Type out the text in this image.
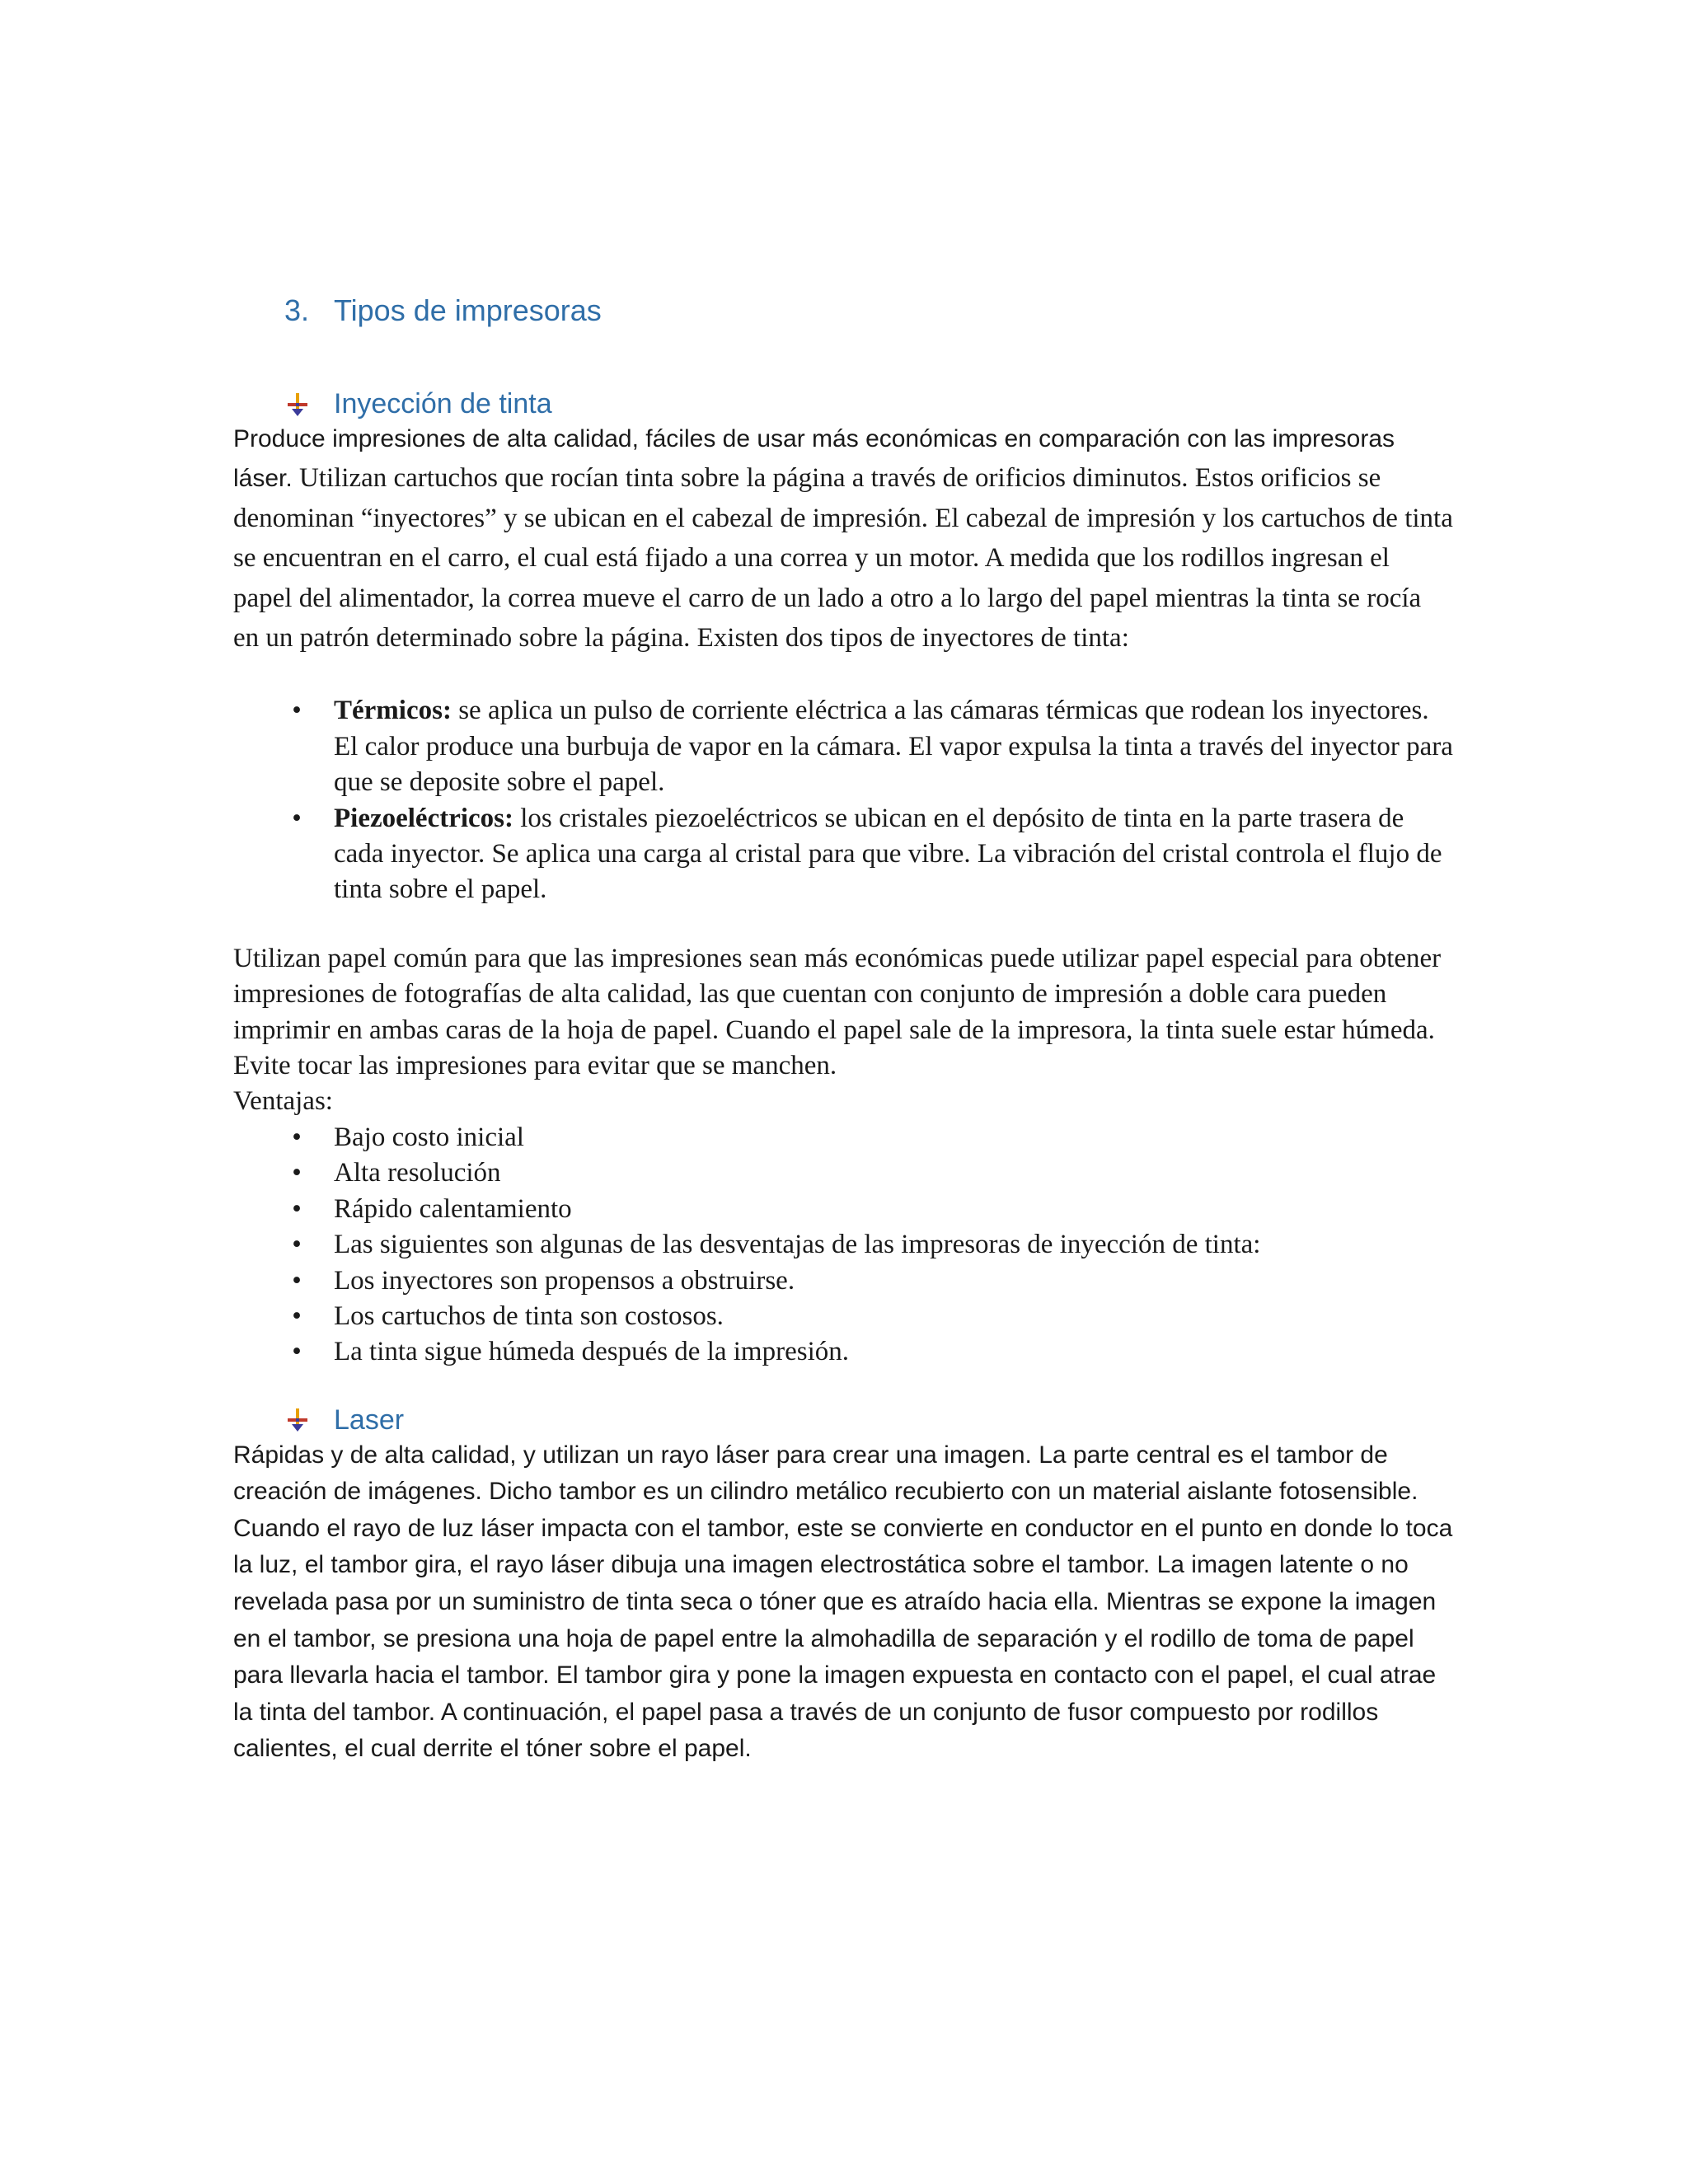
3. Tipos de impresoras
Inyección de tinta

Produce impresiones de alta calidad, fáciles de usar más económicas en comparación con las impresoras láser. Utilizan cartuchos que rocían tinta sobre la página a través de orificios diminutos. Estos orificios se denominan “inyectores” y se ubican en el cabezal de impresión. El cabezal de impresión y los cartuchos de tinta se encuentran en el carro, el cual está fijado a una correa y un motor. A medida que los rodillos ingresan el papel del alimentador, la correa mueve el carro de un lado a otro a lo largo del papel mientras la tinta se rocía en un patrón determinado sobre la página. Existen dos tipos de inyectores de tinta:

• Térmicos: se aplica un pulso de corriente eléctrica a las cámaras térmicas que rodean los inyectores. El calor produce una burbuja de vapor en la cámara. El vapor expulsa la tinta a través del inyector para que se deposite sobre el papel.
• Piezoeléctricos: los cristales piezoeléctricos se ubican en el depósito de tinta en la parte trasera de cada inyector. Se aplica una carga al cristal para que vibre. La vibración del cristal controla el flujo de tinta sobre el papel.

Utilizan papel común para que las impresiones sean más económicas puede utilizar papel especial para obtener impresiones de fotografías de alta calidad, las que cuentan con conjunto de impresión a doble cara pueden imprimir en ambas caras de la hoja de papel. Cuando el papel sale de la impresora, la tinta suele estar húmeda. Evite tocar las impresiones para evitar que se manchen.

Ventajas:

• Bajo costo inicial
• Alta resolución
• Rápido calentamiento
• Las siguientes son algunas de las desventajas de las impresoras de inyección de tinta:
• Los inyectores son propensos a obstruirse.
• Los cartuchos de tinta son costosos.
• La tinta sigue húmeda después de la impresión.
Laser

Rápidas y de alta calidad, y utilizan un rayo láser para crear una imagen. La parte central es el tambor de creación de imágenes. Dicho tambor es un cilindro metálico recubierto con un material aislante fotosensible. Cuando el rayo de luz láser impacta con el tambor, este se convierte en conductor en el punto en donde lo toca la luz, el tambor gira, el rayo láser dibuja una imagen electrostática sobre el tambor. La imagen latente o no revelada pasa por un suministro de tinta seca o tóner que es atraído hacia ella. Mientras se expone la imagen en el tambor, se presiona una hoja de papel entre la almohadilla de separación y el rodillo de toma de papel para llevarla hacia el tambor. El tambor gira y pone la imagen expuesta en contacto con el papel, el cual atrae la tinta del tambor. A continuación, el papel pasa a través de un conjunto de fusor compuesto por rodillos calientes, el cual derrite el tóner sobre el papel.
